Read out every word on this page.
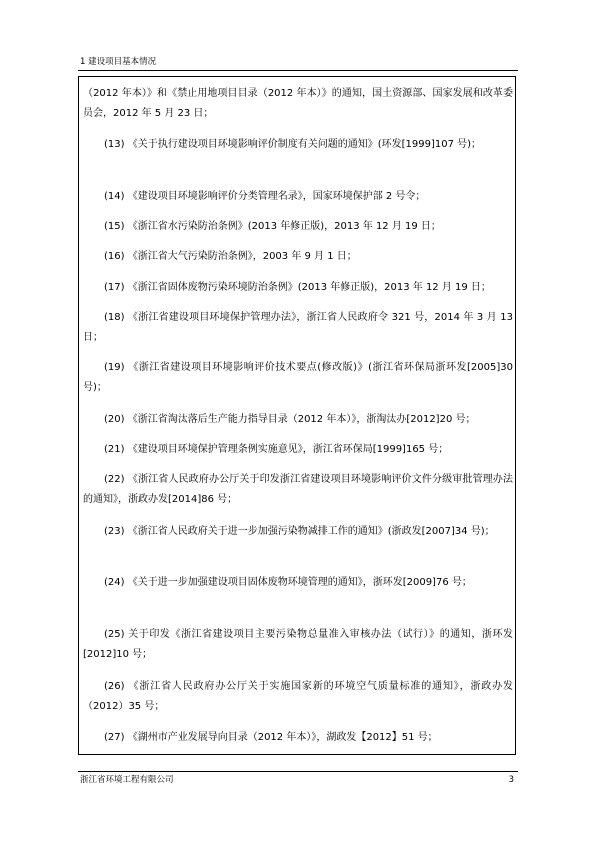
1 建设项目基本情况
（2012 年本）》和《禁止用地项目目录（2012 年本）》的通知，国土资源部、国家发展和改革委员会，2012 年 5 月 23 日；
(13) 《关于执行建设项目环境影响评价制度有关问题的通知》(环发[1999]107 号)；
(14) 《建设项目环境影响评价分类管理名录》，国家环境保护部 2 号令；
(15) 《浙江省水污染防治条例》(2013 年修正版)，2013 年 12 月 19 日；
(16) 《浙江省大气污染防治条例》，2003 年 9 月 1 日；
(17) 《浙江省固体废物污染环境防治条例》(2013 年修正版)，2013 年 12 月 19 日；
(18) 《浙江省建设项目环境保护管理办法》，浙江省人民政府令 321 号，2014 年 3 月 13 日；
(19) 《浙江省建设项目环境影响评价技术要点(修改版)》(浙江省环保局浙环发[2005]30 号)；
(20) 《浙江省淘汰落后生产能力指导目录（2012 年本）》，浙淘汰办[2012]20 号；
(21) 《建设项目环境保护管理条例实施意见》，浙江省环保局[1999]165 号；
(22) 《浙江省人民政府办公厅关于印发浙江省建设项目环境影响评价文件分级审批管理办法的通知》，浙政办发[2014]86 号；
(23) 《浙江省人民政府关于进一步加强污染物减排工作的通知》(浙政发[2007]34 号)；
(24) 《关于进一步加强建设项目固体废物环境管理的通知》，浙环发[2009]76 号；
(25) 关于印发《浙江省建设项目主要污染物总量准入审核办法（试行）》的通知，浙环发[2012]10 号；
(26) 《浙江省人民政府办公厅关于实施国家新的环境空气质量标准的通知》，浙政办发（2012）35 号；
(27) 《湖州市产业发展导向目录（2012 年本）》，湖政发【2012】51 号；
浙江省环境工程有限公司	3
